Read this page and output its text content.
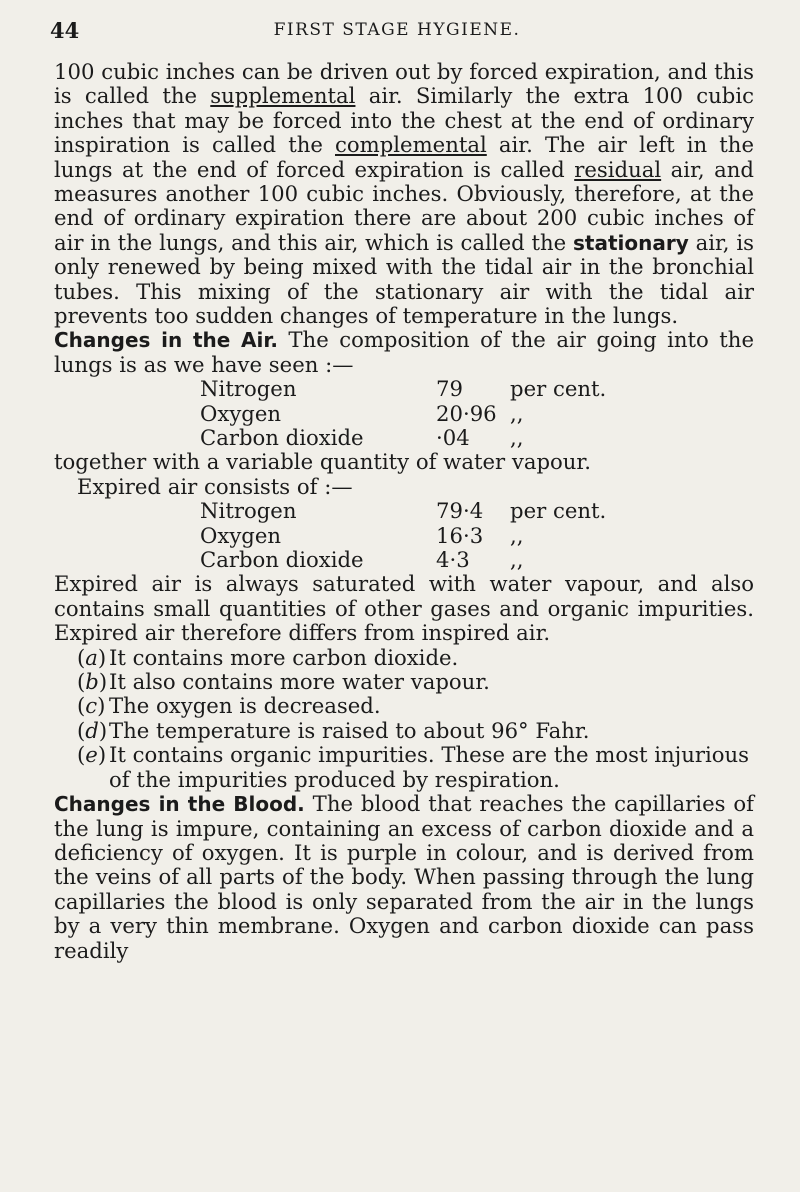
44	FIRST STAGE HYGIENE.

100 cubic inches can be driven out by forced expiration, and this is called the supplemental air. Similarly the extra 100 cubic inches that may be forced into the chest at the end of ordinary inspiration is called the complemental air. The air left in the lungs at the end of forced expiration is called residual air, and measures another 100 cubic inches. Obviously, therefore, at the end of ordinary expiration there are about 200 cubic inches of air in the lungs, and this air, which is called the stationary air, is only renewed by being mixed with the tidal air in the bronchial tubes. This mixing of the stationary air with the tidal air prevents too sudden changes of temperature in the lungs.

Changes in the Air. The composition of the air going into the lungs is as we have seen :—

Nitrogen	79	per cent.
Oxygen	20·96 ,,
Carbon dioxide	·04	,,

together with a variable quantity of water vapour.

Expired air consists of :—

Nitrogen	79·4	per cent.
Oxygen	16·3	,,
Carbon dioxide	4·3	,,

Expired air is always saturated with water vapour, and also contains small quantities of other gases and organic impurities. Expired air therefore differs from inspired air.

(a) It contains more carbon dioxide.
(b) It also contains more water vapour.
(c) The oxygen is decreased.
(d) The temperature is raised to about 96° Fahr.
(e) It contains organic impurities. These are the most injurious of the impurities produced by respiration.

Changes in the Blood. The blood that reaches the capillaries of the lung is impure, containing an excess of carbon dioxide and a deficiency of oxygen. It is purple in colour, and is derived from the veins of all parts of the body. When passing through the lung capillaries the blood is only separated from the air in the lungs by a very thin membrane. Oxygen and carbon dioxide can pass readily
